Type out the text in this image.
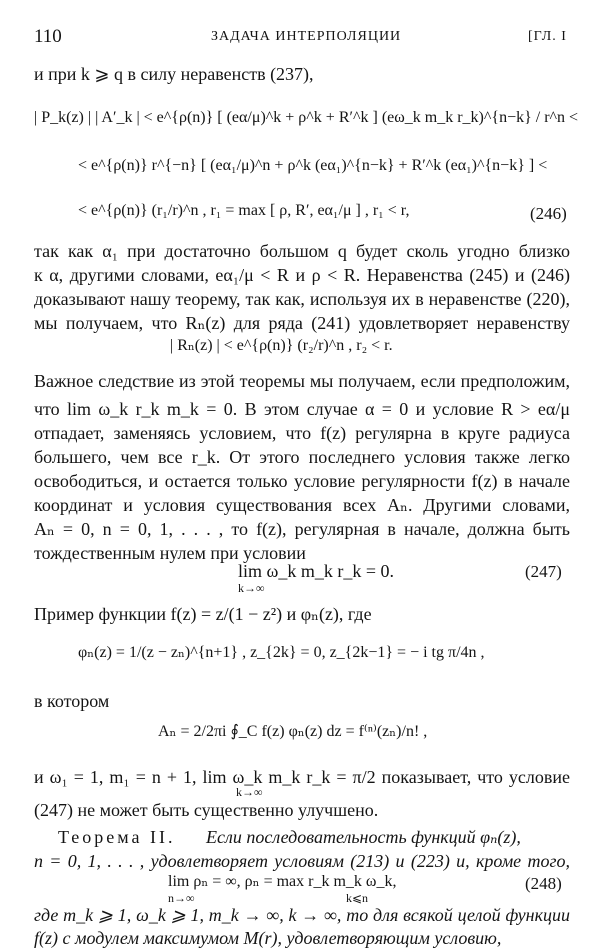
110	ЗАДАЧА ИНТЕРПОЛЯЦИИ	[ГЛ. I
и при k ⩾ q в силу неравенств (237),
| P_k(z) | | A′_k | < e^{ρ(n)} [ (eα/μ)^k + ρ^k + R′^k ] (eω_k m_k r_k)^{n−k} / r^n <
< e^{ρ(n)} r^{−n} [ (eα₁/μ)^n + ρ^k (eα₁)^{n−k} + R′^k (eα₁)^{n−k} ] <
< e^{ρ(n)} (r₁/r)^n , r₁ = max [ ρ, R′, eα₁/μ ] , r₁ < r,	(246)
так как α₁ при достаточно большом q будет сколь угодно близко
к α, другими словами, eα₁/μ < R и ρ < R. Неравенства (245) и (246)
доказывают нашу теорему, так как, используя их в неравенстве (220),
мы получаем, что Rₙ(z) для ряда (241) удовлетворяет неравенству
| Rₙ(z) | < e^{ρ(n)} (r₂/r)^n , r₂ < r.
Важное следствие из этой теоремы мы получаем, если предположим,
что lim ω_k r_k m_k = 0. В этом случае α = 0 и условие R > eα/μ
отпадает, заменяясь условием, что f(z) регулярна в круге радиуса
большего, чем все r_k. От этого последнего условия также легко
освободиться, и остается только условие регулярности f(z) в начале
координат и условия существования всех Aₙ. Другими словами,
Aₙ = 0, n = 0, 1, . . . , то f(z), регулярная в начале, должна быть
тождественным нулем при условии
lim ω_k m_k r_k = 0.
k→∞
(247)
Пример функции f(z) = z/(1 − z²) и φₙ(z), где
φₙ(z) = 1/(z − zₙ)^{n+1} , z_{2k} = 0, z_{2k−1} = − i tg π/4n ,
в котором
Aₙ = 2/2πi ∮_C f(z) φₙ(z) dz = f⁽ⁿ⁾(zₙ)/n! ,
и ω₁ = 1, m₁ = n + 1, lim ω_k m_k r_k = π/2 показывает, что условие
k→∞
(247) не может быть существенно улучшено.
Теорема II. Если последовательность функций φₙ(z),
n = 0, 1, . . . , удовлетворяет условиям (213) и (223) и, кроме того,
lim ρₙ = ∞, ρₙ = max r_k m_k ω_k,
n→∞	k⩽n
(248)
где m_k ⩾ 1, ω_k ⩾ 1, m_k → ∞, k → ∞, то для всякой целой функции
f(z) с модулем максимумом M(r), удовлетворяющим условию,
